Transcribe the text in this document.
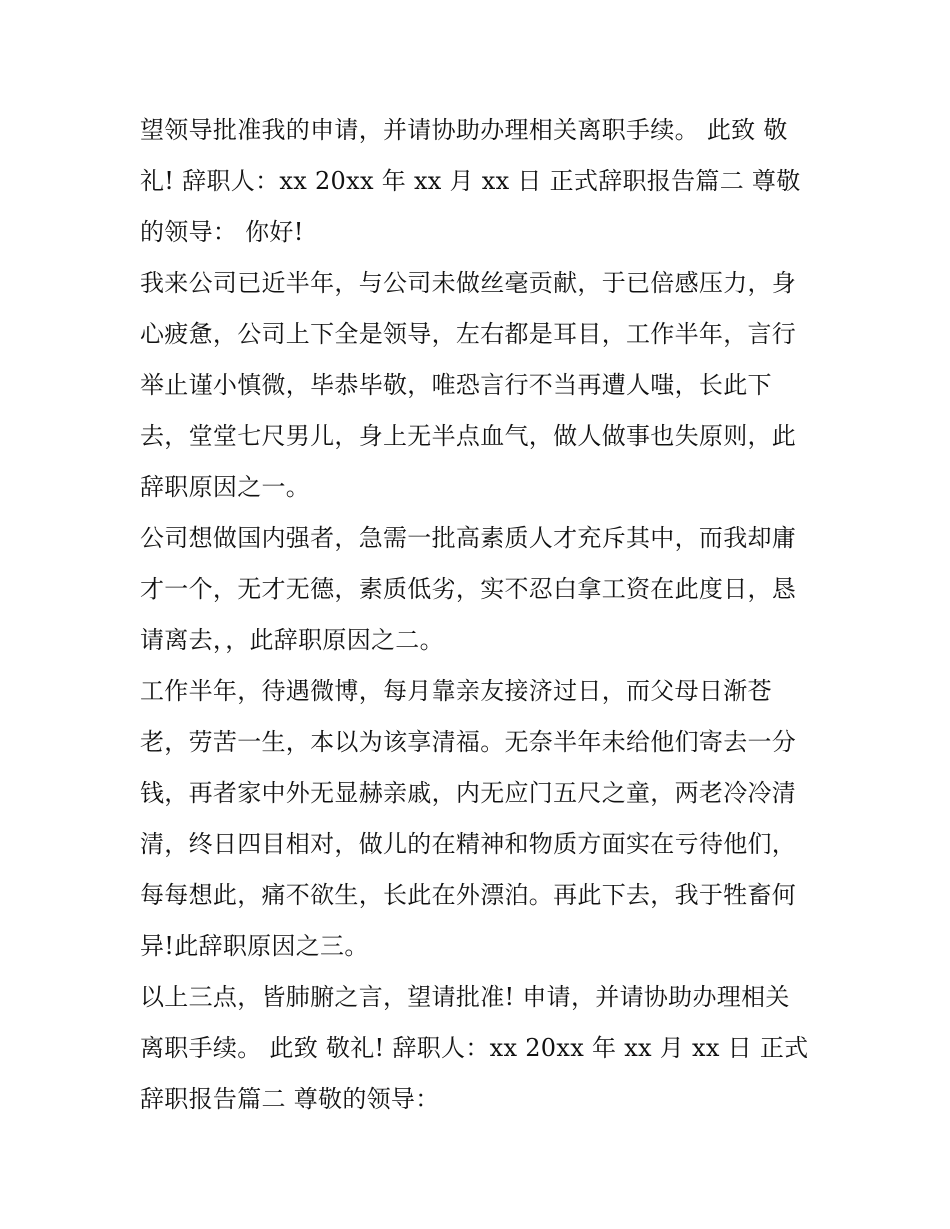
望领导批准我的申请，并请协助办理相关离职手续。 此致 敬礼! 辞职人：xx 20xx 年 xx 月 xx 日 正式辞职报告篇二 尊敬的领导： 你好!

我来公司已近半年，与公司未做丝毫贡献，于已倍感压力，身心疲惫，公司上下全是领导，左右都是耳目，工作半年，言行举止谨小慎微，毕恭毕敬，唯恐言行不当再遭人嗤，长此下去，堂堂七尺男儿，身上无半点血气，做人做事也失原则，此辞职原因之一。

公司想做国内强者，急需一批高素质人才充斥其中，而我却庸才一个，无才无德，素质低劣，实不忍白拿工资在此度日，恳请离去，，此辞职原因之二。

工作半年，待遇微博，每月靠亲友接济过日，而父母日渐苍老，劳苦一生，本以为该享清福。无奈半年未给他们寄去一分钱，再者家中外无显赫亲戚，内无应门五尺之童，两老冷冷清清，终日四目相对，做儿的在精神和物质方面实在亏待他们，每每想此，痛不欲生，长此在外漂泊。再此下去，我于牲畜何异!此辞职原因之三。

以上三点，皆肺腑之言，望请批准! 申请，并请协助办理相关离职手续。 此致 敬礼! 辞职人：xx 20xx 年 xx 月 xx 日 正式辞职报告篇二 尊敬的领导：
